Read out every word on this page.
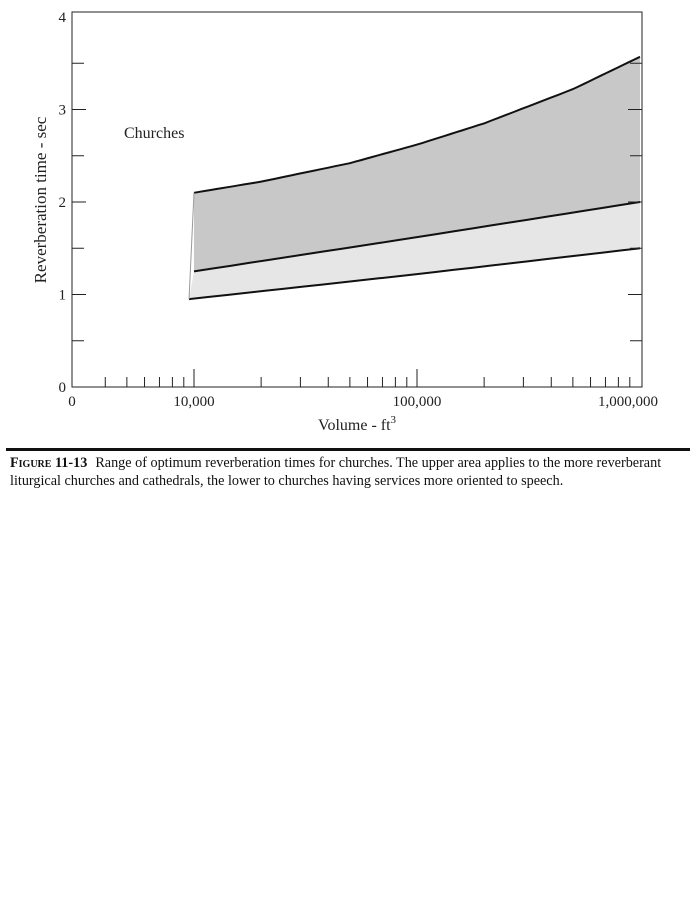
0
1
2
3
4
0	10,000	100,000	1,000,000
Reverberation time - sec
Volume - $ft^3$
Churches
Figure 11-13 Range of optimum reverberation times for churches. The upper area applies to the more reverberant liturgical churches and cathedrals, the lower to churches having services more oriented to speech.
